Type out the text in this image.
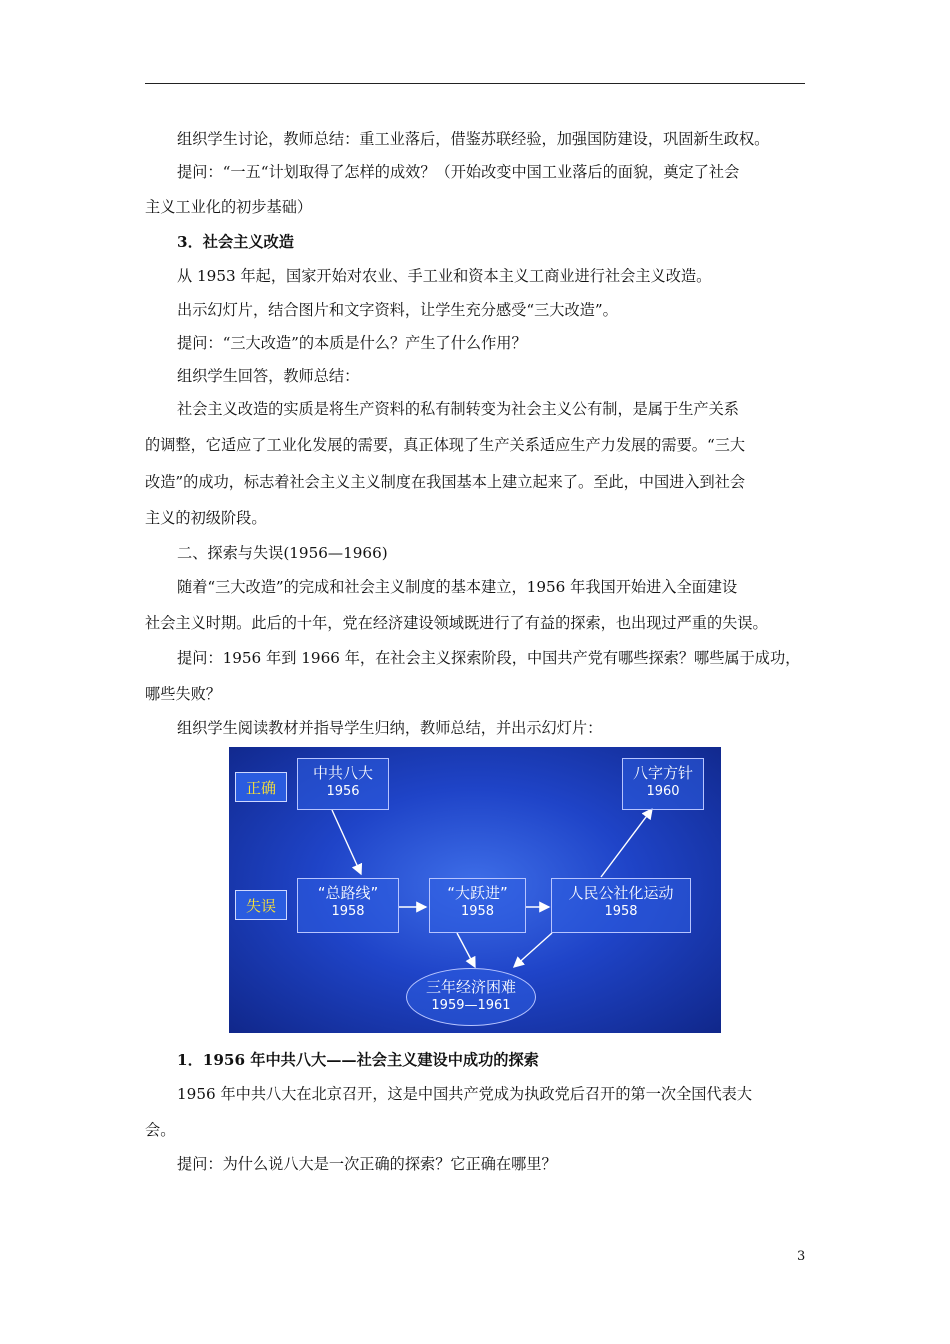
组织学生讨论，教师总结：重工业落后，借鉴苏联经验，加强国防建设，巩固新生政权。
提问：“一五“计划取得了怎样的成效？（开始改变中国工业落后的面貌，奠定了社会
主义工业化的初步基础）
3．社会主义改造
从 1953 年起，国家开始对农业、手工业和资本主义工商业进行社会主义改造。
出示幻灯片，结合图片和文字资料，让学生充分感受“三大改造”。
提问：“三大改造”的本质是什么？产生了什么作用？
组织学生回答，教师总结：
社会主义改造的实质是将生产资料的私有制转变为社会主义公有制，是属于生产关系
的调整，它适应了工业化发展的需要，真正体现了生产关系适应生产力发展的需要。“三大
改造”的成功，标志着社会主义主义制度在我国基本上建立起来了。至此，中国进入到社会
主义的初级阶段。
二、探索与失误(1956—1966)
随着“三大改造”的完成和社会主义制度的基本建立，1956 年我国开始进入全面建设
社会主义时期。此后的十年，党在经济建设领域既进行了有益的探索，也出现过严重的失误。
提问：1956 年到 1966 年，在社会主义探索阶段，中国共产党有哪些探索？哪些属于成功，
哪些失败？
组织学生阅读教材并指导学生归纳，教师总结，并出示幻灯片：
正确
失误
中共八大
1956
八字方针
1960
“总路线”
1958
“大跃进”
1958
人民公社化运动
1958
三年经济困难
1959—1961
1．1956 年中共八大——社会主义建设中成功的探索
1956 年中共八大在北京召开，这是中国共产党成为执政党后召开的第一次全国代表大
会。
提问：为什么说八大是一次正确的探索？它正确在哪里？
3
